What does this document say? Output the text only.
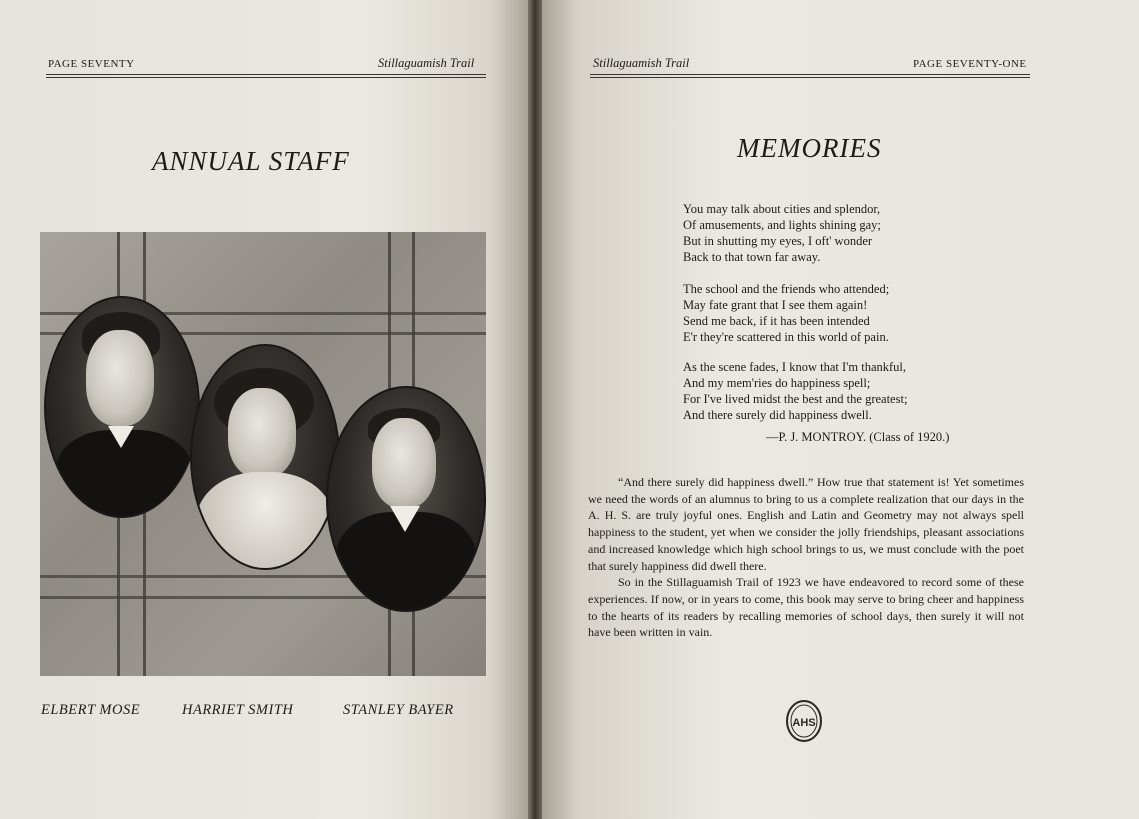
PAGE SEVENTY	Stillaguamish Trail
ANNUAL STAFF
ELBERT MOSE	HARRIET SMITH	STANLEY BAYER
Stillaguamish Trail	PAGE SEVENTY-ONE
MEMORIES
You may talk about cities and splendor,
Of amusements, and lights shining gay;
But in shutting my eyes, I oft' wonder
Back to that town far away.
The school and the friends who attended;
May fate grant that I see them again!
Send me back, if it has been intended
E'r they're scattered in this world of pain.
As the scene fades, I know that I'm thankful,
And my mem'ries do happiness spell;
For I've lived midst the best and the greatest;
And there surely did happiness dwell.
—P. J. MONTROY. (Class of 1920.)

“And there surely did happiness dwell.” How true that statement is! Yet sometimes we need the words of an alumnus to bring to us a complete realization that our days in the A. H. S. are truly joyful ones. English and Latin and Geometry may not always spell happiness to the student, yet when we consider the jolly friendships, pleasant associations and increased knowledge which high school brings to us, we must conclude with the poet that surely happiness did dwell there.

So in the Stillaguamish Trail of 1923 we have endeavored to record some of these experiences. If now, or in years to come, this book may serve to bring cheer and happiness to the hearts of its readers by recalling memories of school days, then surely it will not have been written in vain.

AHS
